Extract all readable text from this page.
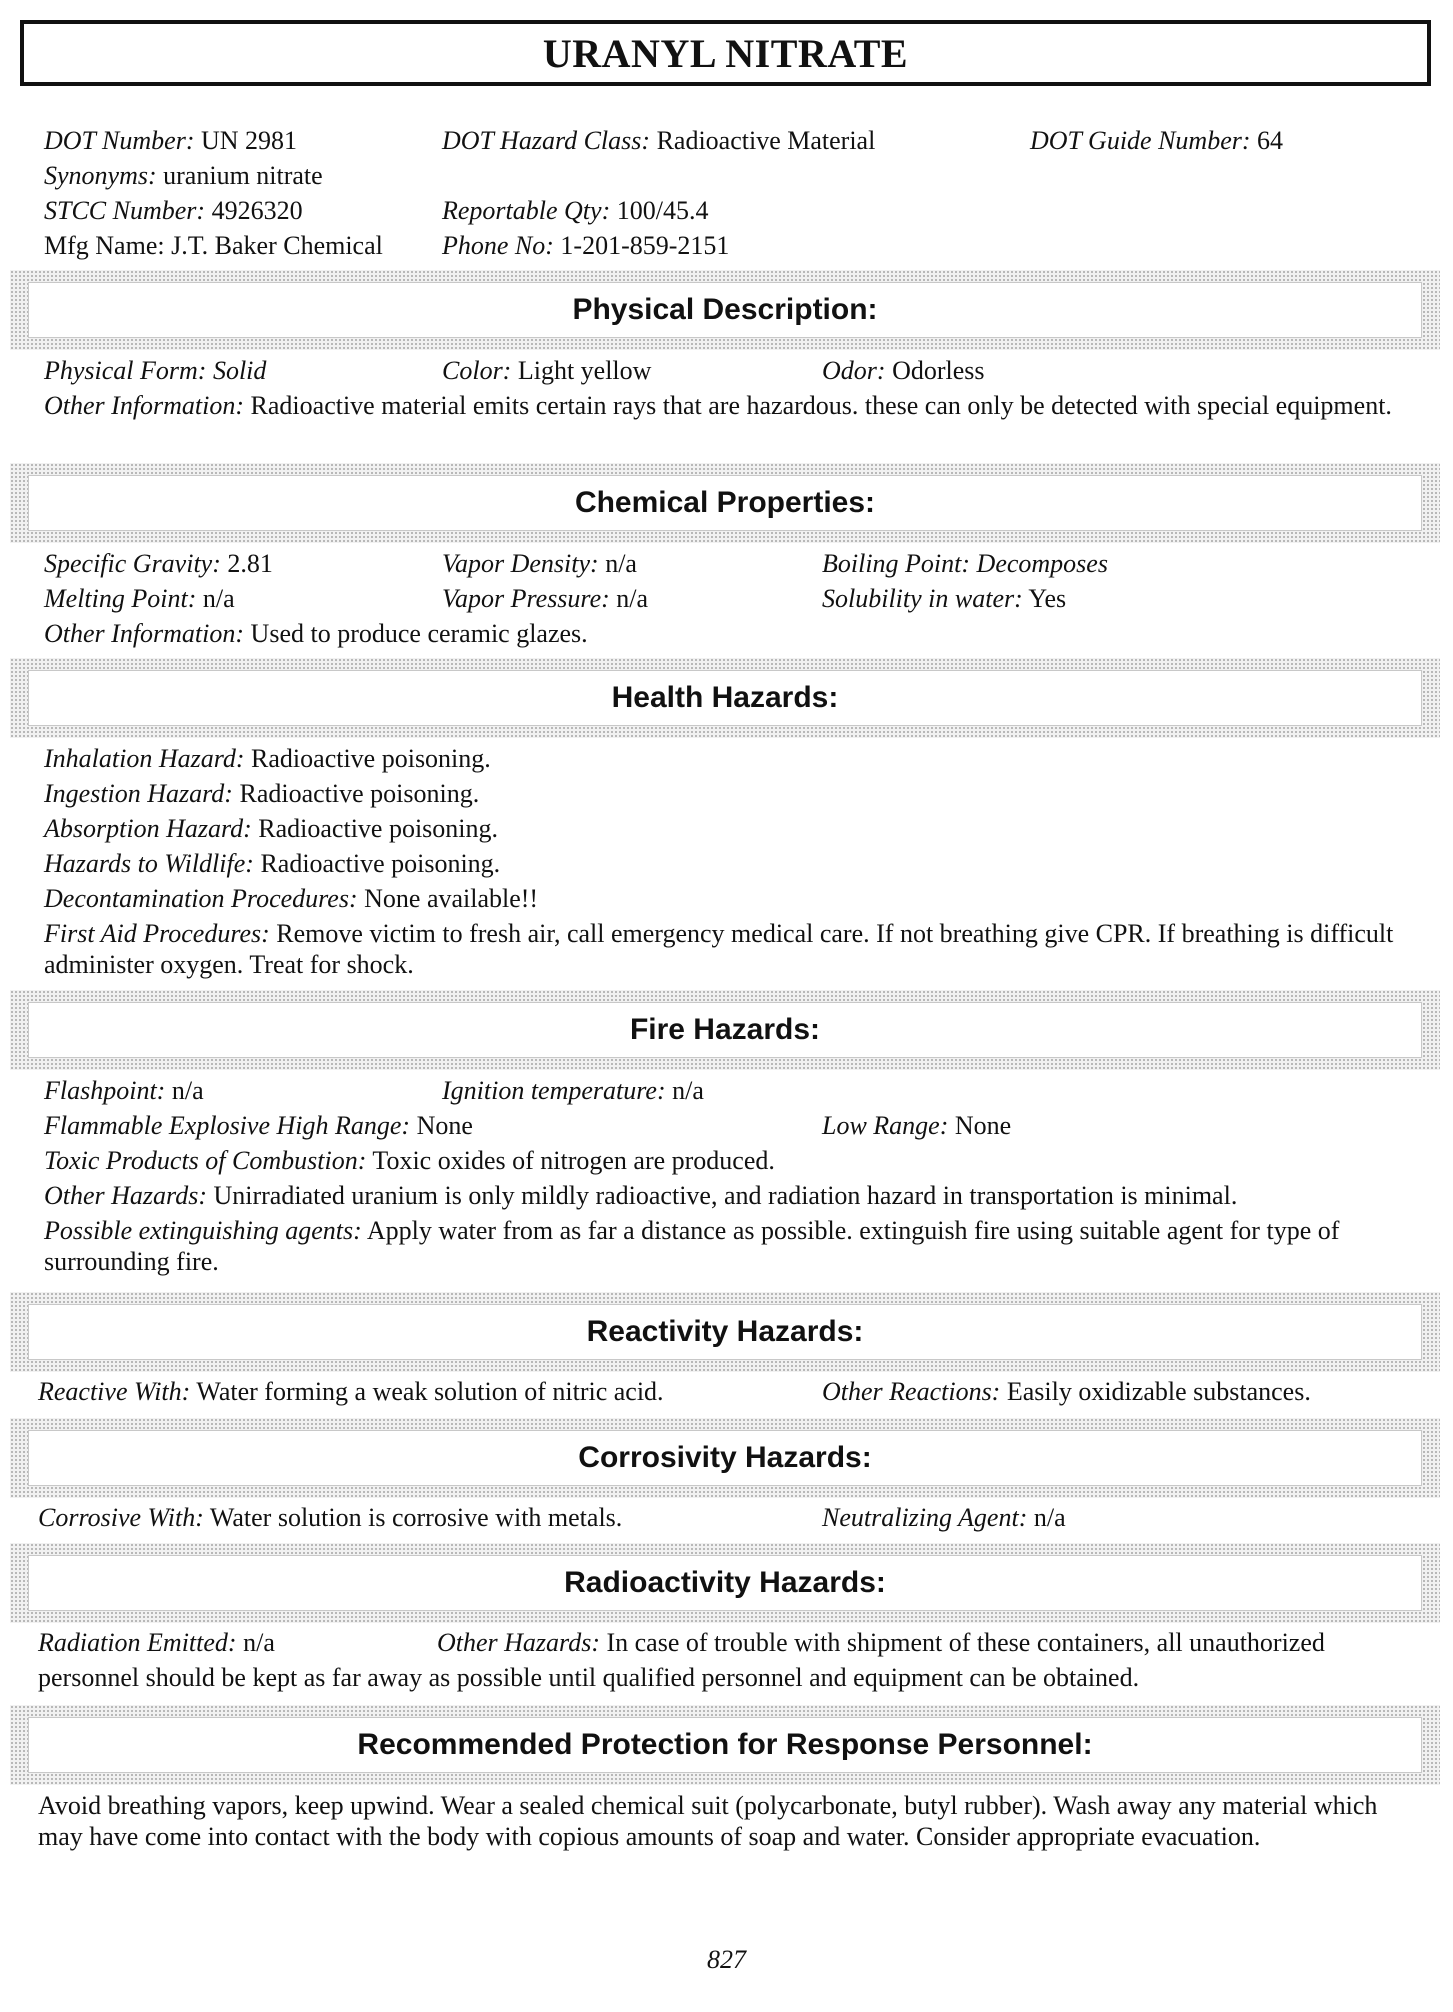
URANYL NITRATE
DOT Number: UN 2981	DOT Hazard Class: Radioactive Material	DOT Guide Number: 64
Synonyms: uranium nitrate
STCC Number: 4926320	Reportable Qty: 100/45.4
Mfg Name: J.T. Baker Chemical Phone No: 1-201-859-2151
Physical Description:
Physical Form: Solid	Color: Light yellow	Odor: Odorless
Other Information: Radioactive material emits certain rays that are hazardous. these can only be detected with special equipment.
Chemical Properties:
Specific Gravity: 2.81	Vapor Density: n/a	Boiling Point: Decomposes
Melting Point: n/a	Vapor Pressure: n/a	Solubility in water: Yes
Other Information: Used to produce ceramic glazes.
Health Hazards:
Inhalation Hazard: Radioactive poisoning.
Ingestion Hazard: Radioactive poisoning.
Absorption Hazard: Radioactive poisoning.
Hazards to Wildlife: Radioactive poisoning.
Decontamination Procedures: None available!!
First Aid Procedures: Remove victim to fresh air, call emergency medical care. If not breathing give CPR. If breathing is difficult administer oxygen. Treat for shock.
Fire Hazards:
Flashpoint: n/a	Ignition temperature: n/a
Flammable Explosive High Range: None	Low Range: None
Toxic Products of Combustion: Toxic oxides of nitrogen are produced.
Other Hazards: Unirradiated uranium is only mildly radioactive, and radiation hazard in transportation is minimal.
Possible extinguishing agents: Apply water from as far a distance as possible. extinguish fire using suitable agent for type of surrounding fire.
Reactivity Hazards:
Reactive With: Water forming a weak solution of nitric acid.	Other Reactions: Easily oxidizable substances.
Corrosivity Hazards:
Corrosive With: Water solution is corrosive with metals.	Neutralizing Agent: n/a
Radioactivity Hazards:
Radiation Emitted: n/a	Other Hazards: In case of trouble with shipment of these containers, all unauthorized
personnel should be kept as far away as possible until qualified personnel and equipment can be obtained.
Recommended Protection for Response Personnel:
Avoid breathing vapors, keep upwind. Wear a sealed chemical suit (polycarbonate, butyl rubber). Wash away any material which may have come into contact with the body with copious amounts of soap and water. Consider appropriate evacuation.
827
